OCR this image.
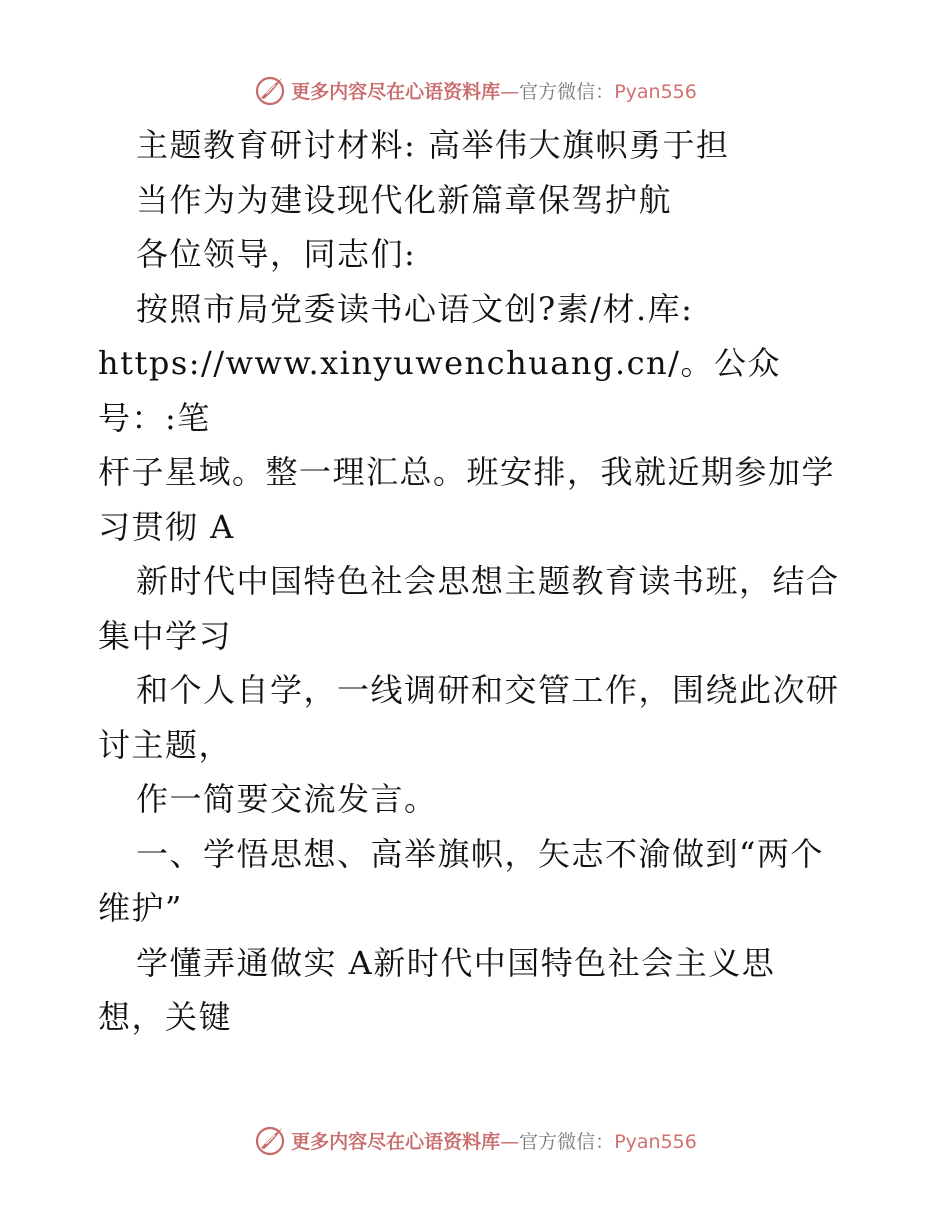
更多内容尽在心语资料库—官方微信：Pyan556

主题教育研讨材料: 高举伟大旗帜勇于担

当作为为建设现代化新篇章保驾护航

各位领导，同志们:

按照市局党委读书心语文创?素/材.库:

https://www.xinyuwenchuang.cn/。公众号：:笔

杆子星域。整一理汇总。班安排，我就近期参加学

习贯彻 A

新时代中国特色社会思想主题教育读书班，结合

集中学习

和个人自学，一线调研和交管工作，围绕此次研

讨主题，

作一简要交流发言。

一、学悟思想、高举旗帜，矢志不渝做到“两个

维护”

学懂弄通做实 A新时代中国特色社会主义思

想，关键

更多内容尽在心语资料库—官方微信：Pyan556
